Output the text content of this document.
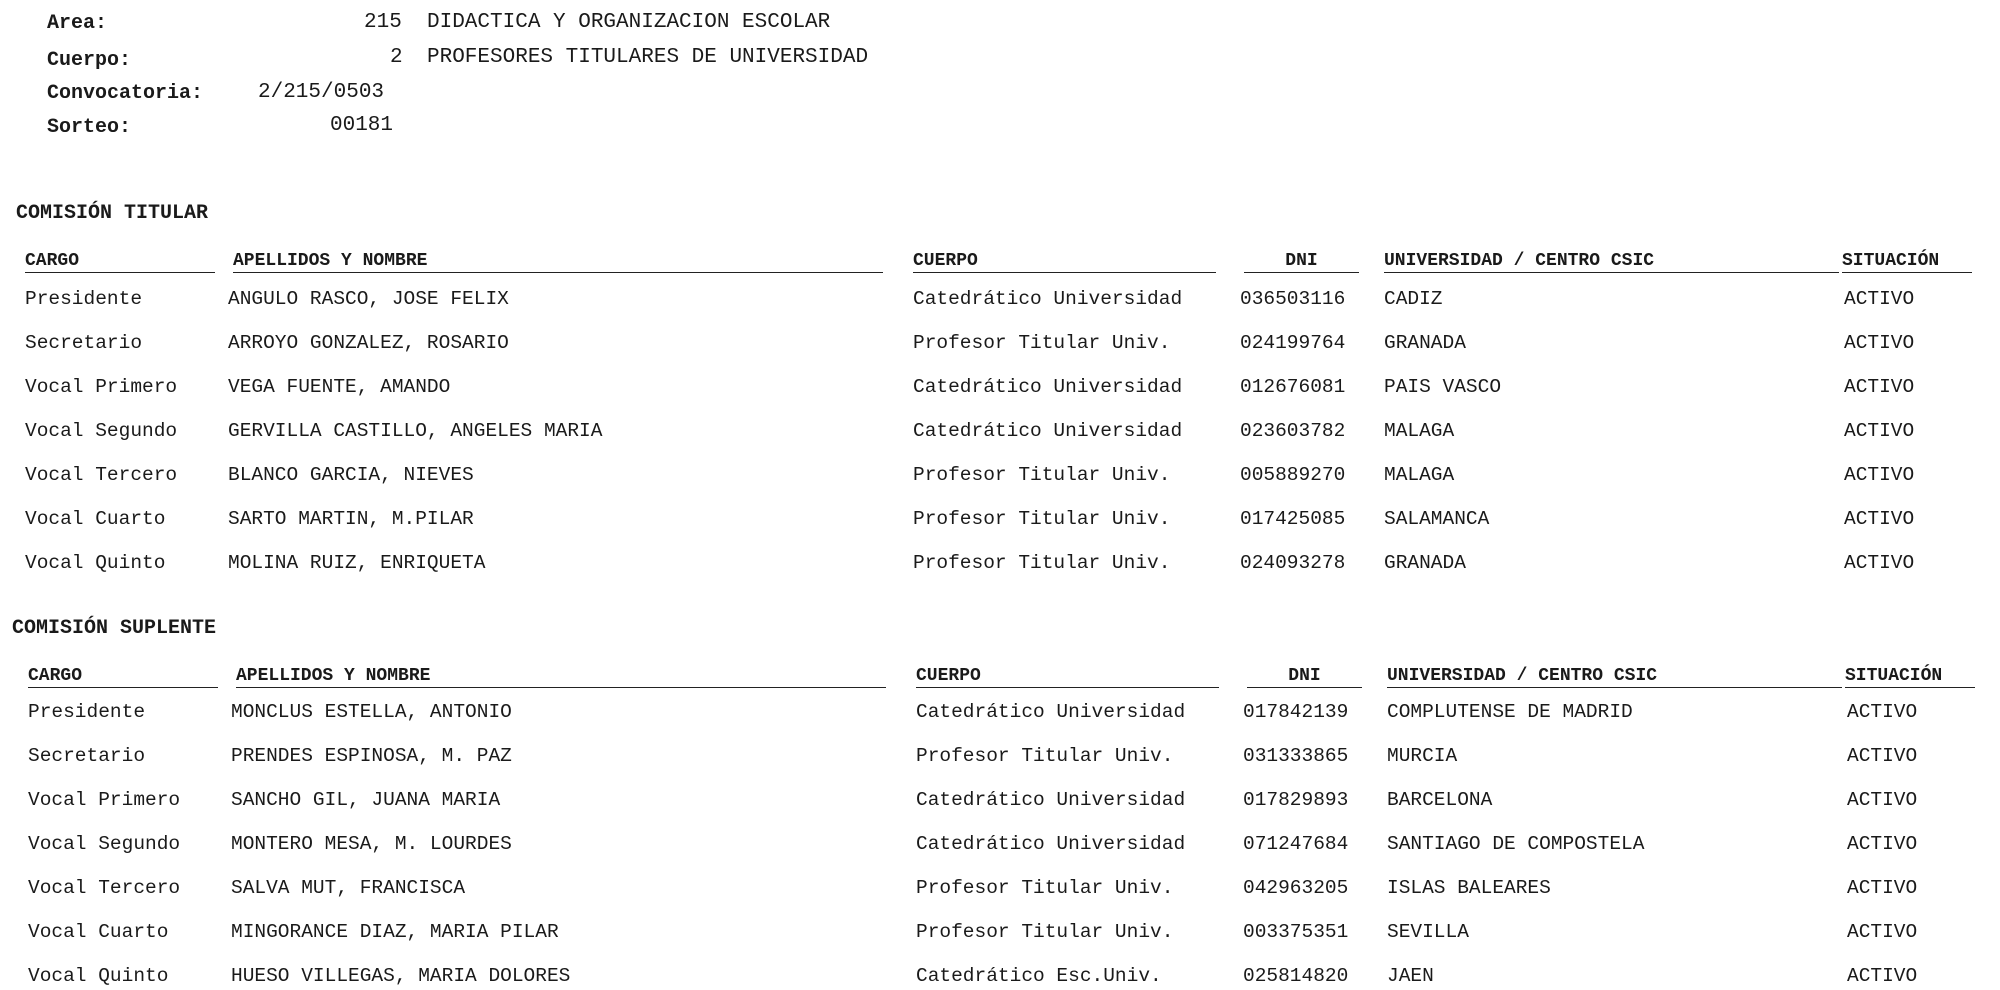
Area:	215 DIDACTICA Y ORGANIZACION ESCOLAR
Cuerpo:	2 PROFESORES TITULARES DE UNIVERSIDAD
Convocatoria:	2/215/0503
Sorteo:	00181
COMISIÓN TITULAR
CARGO	APELLIDOS Y NOMBRE	CUERPO	DNI	UNIVERSIDAD / CENTRO CSIC	SITUACIÓN
Presidente	ANGULO RASCO, JOSE FELIX	Catedrático Universidad	036503116 CADIZ	ACTIVO
Secretario	ARROYO GONZALEZ, ROSARIO	Profesor Titular Univ.	024199764 GRANADA	ACTIVO
Vocal Primero	VEGA FUENTE, AMANDO	Catedrático Universidad	012676081 PAIS VASCO	ACTIVO
Vocal Segundo	GERVILLA CASTILLO, ANGELES MARIA	Catedrático Universidad	023603782 MALAGA	ACTIVO
Vocal Tercero	BLANCO GARCIA, NIEVES	Profesor Titular Univ.	005889270 MALAGA	ACTIVO
Vocal Cuarto	SARTO MARTIN, M.PILAR	Profesor Titular Univ.	017425085 SALAMANCA	ACTIVO
Vocal Quinto	MOLINA RUIZ, ENRIQUETA	Profesor Titular Univ.	024093278 GRANADA	ACTIVO
COMISIÓN SUPLENTE
CARGO	APELLIDOS Y NOMBRE	CUERPO	DNI	UNIVERSIDAD / CENTRO CSIC	SITUACIÓN
Presidente	MONCLUS ESTELLA, ANTONIO	Catedrático Universidad	017842139 COMPLUTENSE DE MADRID	ACTIVO
Secretario	PRENDES ESPINOSA, M. PAZ	Profesor Titular Univ.	031333865 MURCIA	ACTIVO
Vocal Primero	SANCHO GIL, JUANA MARIA	Catedrático Universidad	017829893 BARCELONA	ACTIVO
Vocal Segundo	MONTERO MESA, M. LOURDES	Catedrático Universidad	071247684 SANTIAGO DE COMPOSTELA	ACTIVO
Vocal Tercero	SALVA MUT, FRANCISCA	Profesor Titular Univ.	042963205 ISLAS BALEARES	ACTIVO
Vocal Cuarto	MINGORANCE DIAZ, MARIA PILAR	Profesor Titular Univ.	003375351 SEVILLA	ACTIVO
Vocal Quinto	HUESO VILLEGAS, MARIA DOLORES	Catedrático Esc.Univ.	025814820 JAEN	ACTIVO
